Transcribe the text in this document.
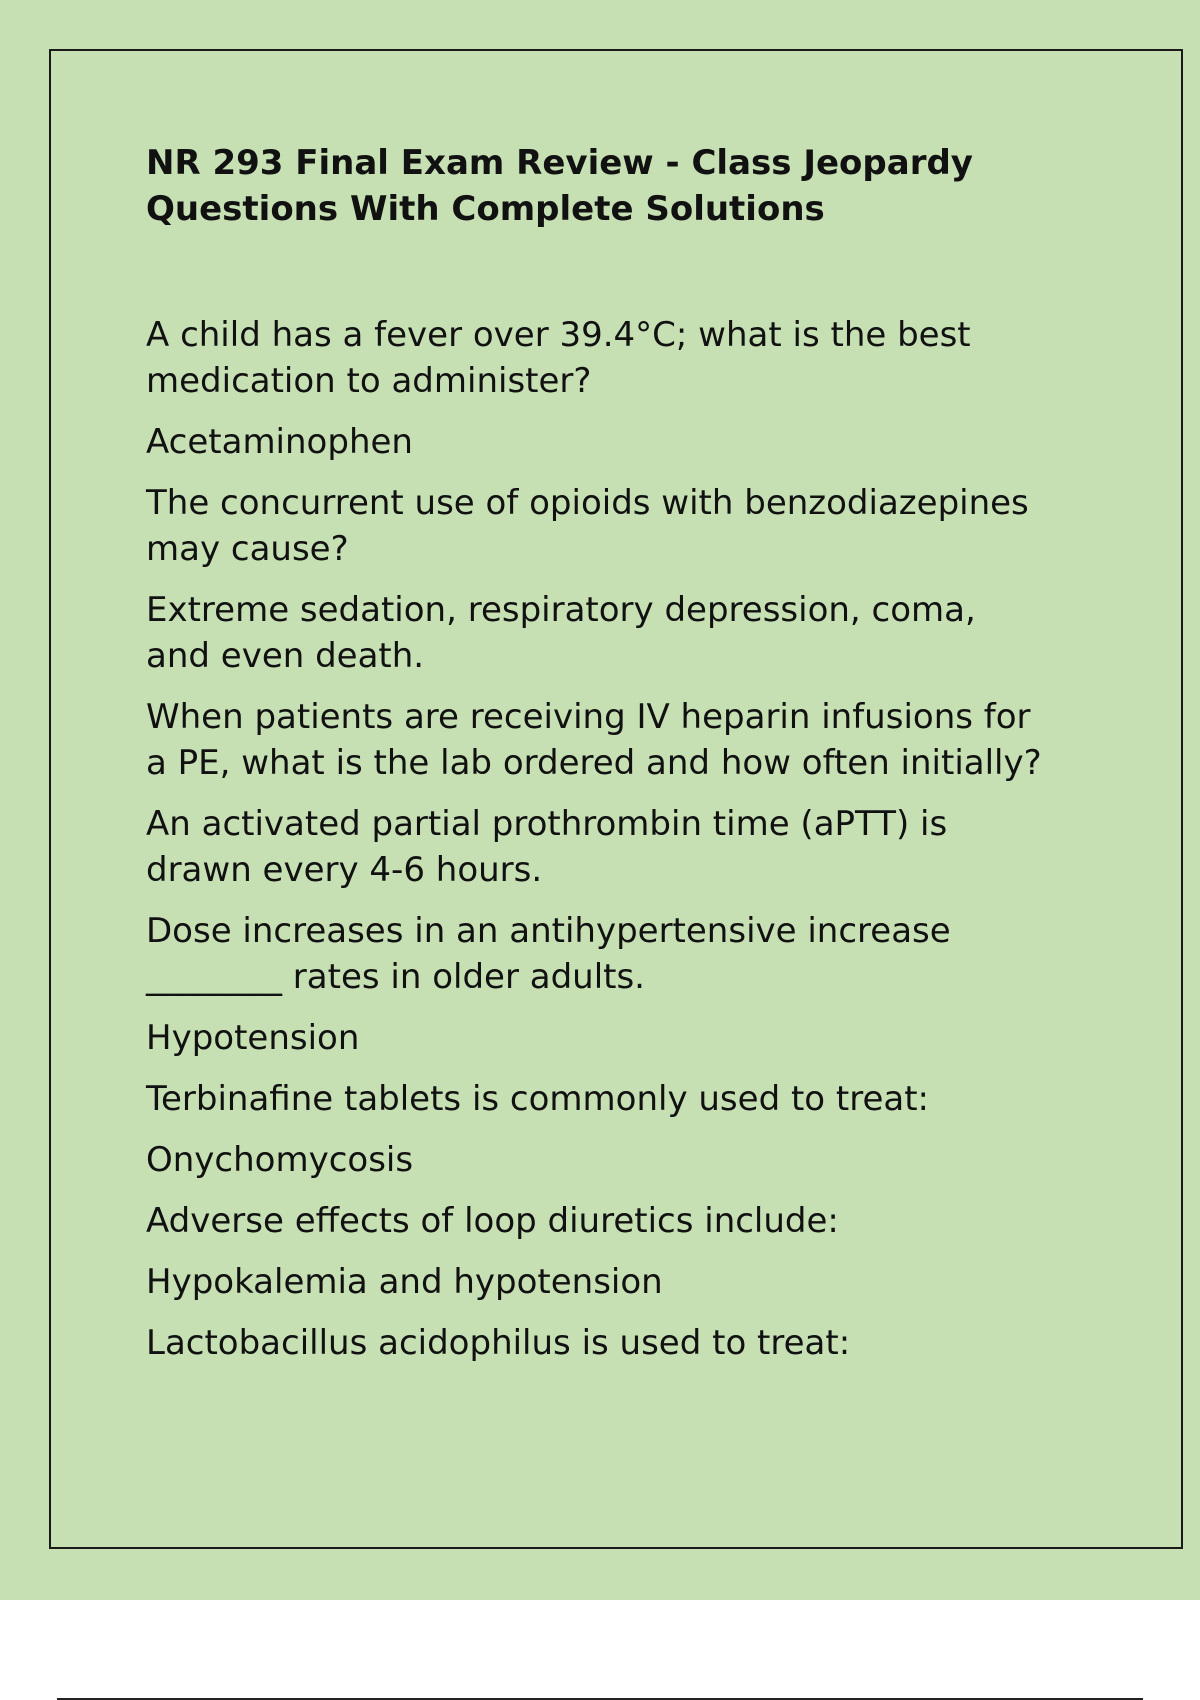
NR 293 Final Exam Review - Class Jeopardy Questions With Complete Solutions
A child has a fever over 39.4°C; what is the best medication to administer?
Acetaminophen
The concurrent use of opioids with benzodiazepines may cause?
Extreme sedation, respiratory depression, coma, and even death.
When patients are receiving IV heparin infusions for a PE, what is the lab ordered and how often initially?
An activated partial prothrombin time (aPTT) is drawn every 4-6 hours.
Dose increases in an antihypertensive increase ________ rates in older adults.
Hypotension
Terbinafine tablets is commonly used to treat:
Onychomycosis
Adverse effects of loop diuretics include:
Hypokalemia and hypotension
Lactobacillus acidophilus is used to treat:
